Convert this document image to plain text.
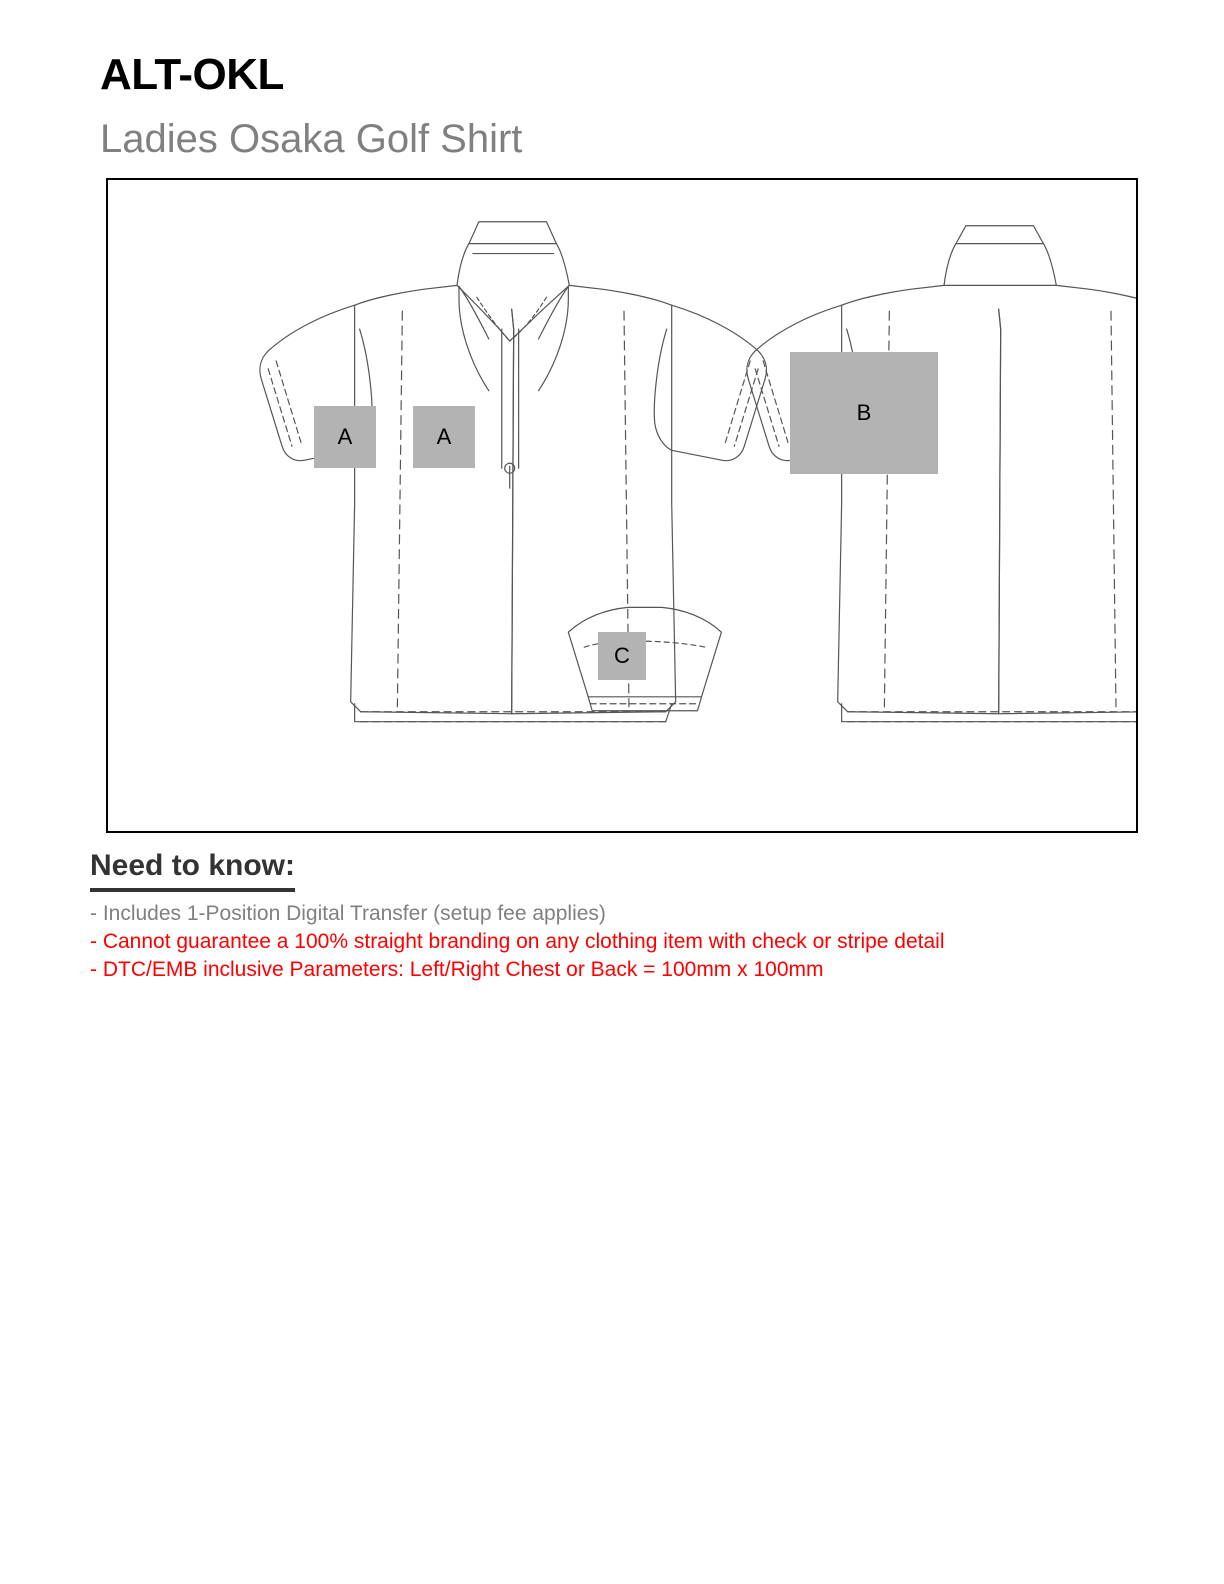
ALT-OKL
Ladies Osaka Golf Shirt
A	A
B
C
Need to know:
- Includes 1-Position Digital Transfer (setup fee applies)
- Cannot guarantee a 100% straight branding on any clothing item with check or stripe detail
- DTC/EMB inclusive Parameters: Left/Right Chest or Back = 100mm x 100mm
